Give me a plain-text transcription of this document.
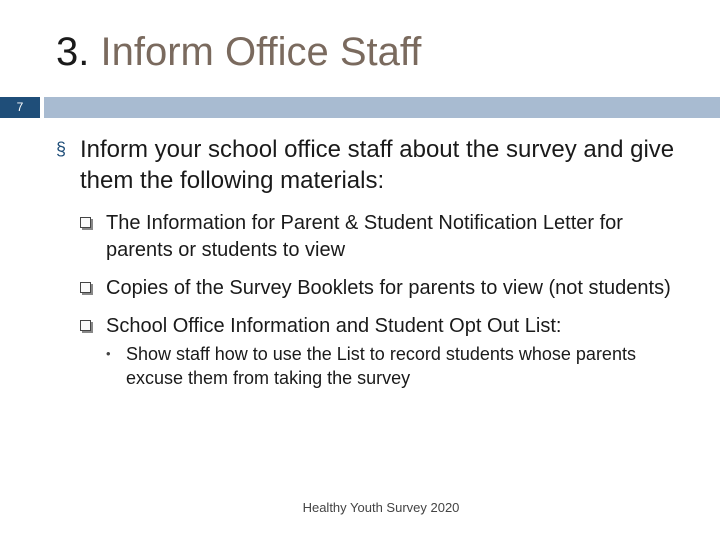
3. Inform Office Staff
7
§ Inform your school office staff about the survey and give them the following materials:
The Information for Parent & Student Notification Letter for parents or students to view
Copies of the Survey Booklets for parents to view (not students)
School Office Information and Student Opt Out List:
• Show staff how to use the List to record students whose parents excuse them from taking the survey
Healthy Youth Survey 2020
